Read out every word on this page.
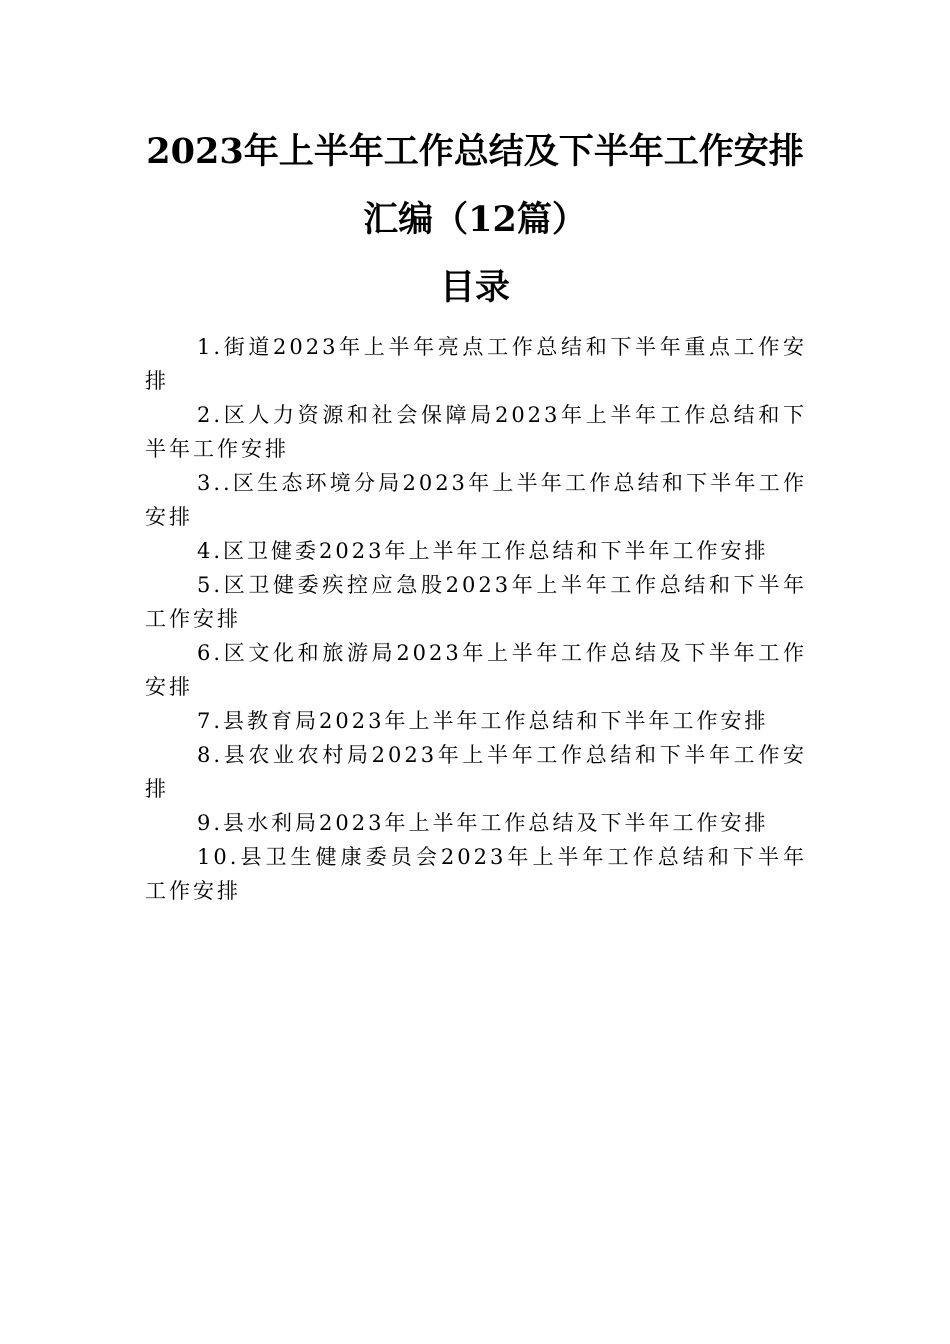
2023年上半年工作总结及下半年工作安排
汇编（12篇）
目录
1.街道2023年上半年亮点工作总结和下半年重点工作安排
2.区人力资源和社会保障局2023年上半年工作总结和下半年工作安排
3..区生态环境分局2023年上半年工作总结和下半年工作安排
4.区卫健委2023年上半年工作总结和下半年工作安排
5.区卫健委疾控应急股2023年上半年工作总结和下半年工作安排
6.区文化和旅游局2023年上半年工作总结及下半年工作安排
7.县教育局2023年上半年工作总结和下半年工作安排
8.县农业农村局2023年上半年工作总结和下半年工作安排
9.县水利局2023年上半年工作总结及下半年工作安排
10.县卫生健康委员会2023年上半年工作总结和下半年工作安排
